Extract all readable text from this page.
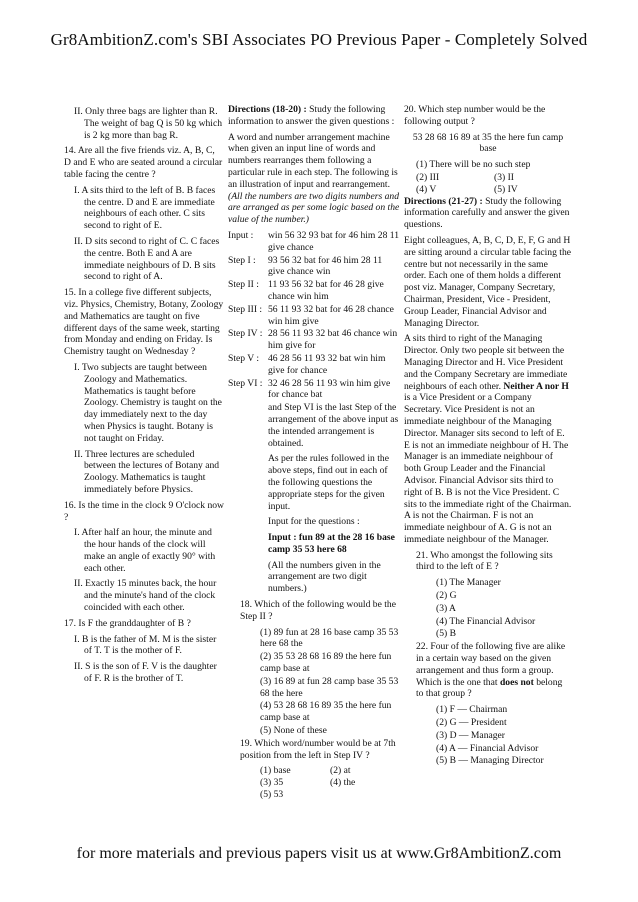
Gr8AmbitionZ.com's SBI Associates PO Previous Paper - Completely Solved
II. Only three bags are lighter than R. The weight of bag Q is 50 kg which is 2 kg more than bag R.
14. Are all the five friends viz. A, B, C, D and E who are seated around a circular table facing the centre ?
I. A sits third to the left of B. B faces the centre. D and E are immediate neighbours of each other. C sits second to right of E.
II. D sits second to right of C. C faces the centre. Both E and A are immediate neighbours of D. B sits second to right of A.
15. In a college five different subjects, viz. Physics, Chemistry, Botany, Zoology and Mathematics are taught on five different days of the same week, starting from Monday and ending on Friday. Is Chemistry taught on Wednesday ?
I. Two subjects are taught between Zoology and Mathematics. Mathematics is taught before Zoology. Chemistry is taught on the day immediately next to the day when Physics is taught. Botany is not taught on Friday.
II. Three lectures are scheduled between the lectures of Botany and Zoology. Mathematics is taught immediately before Physics.
16. Is the time in the clock 9 O'clock now ?
I. After half an hour, the minute and the hour hands of the clock will make an angle of exactly 90° with each other.
II. Exactly 15 minutes back, the hour and the minute's hand of the clock coincided with each other.
17. Is F the granddaughter of B ?
I. B is the father of M. M is the sister of T. T is the mother of F.
II. S is the son of F. V is the daughter of F. R is the brother of T.
Directions (18-20) : Study the following information to answer the given questions :
A word and number arrangement machine when given an input line of words and numbers rearranges them following a particular rule in each step. The following is an illustration of input and rearrangement. (All the numbers are two digits numbers and are arranged as per some logic based on the value of the number.)
Input :	win 56 32 93 bat for 46 him 28 11 give chance
Step I :	93 56 32 bat for 46 him 28 11 give chance win
Step II : 11 93 56 32 bat for 46 28 give chance win him
Step III : 56 11 93 32 bat for 46 28 chance win him give
Step IV : 28 56 11 93 32 bat 46 chance win him give for
Step V : 46 28 56 11 93 32 bat win him give for chance
Step VI : 32 46 28 56 11 93 win him give for chance bat
and Step VI is the last Step of the arrangement of the above input as the intended arrangement is obtained.
As per the rules followed in the above steps, find out in each of the following questions the appropriate steps for the given input.
Input for the questions :
Input : fun 89 at the 28 16 base camp 35 53 here 68
(All the numbers given in the arrangement are two digit numbers.)
18. Which of the following would be the Step II ?
(1) 89 fun at 28 16 base camp 35 53 here 68 the
(2) 35 53 28 68 16 89 the here fun camp base at
(3) 16 89 at fun 28 camp base 35 53 68 the here
(4) 53 28 68 16 89 35 the here fun camp base at
(5) None of these
19. Which word/number would be at 7th position from the left in Step IV ?
(1) base	(2) at
(3) 35	(4) the
(5) 53
20. Which step number would be the following output ?
53 28 68 16 89 at 35 the here fun camp base
(1) There will be no such step
(2) III	(3) II
(4) V	(5) IV
Directions (21-27) : Study the following information carefully and answer the given questions.
Eight colleagues, A, B, C, D, E, F, G and H are sitting around a circular table facing the centre but not necessarily in the same order. Each one of them holds a different post viz. Manager, Company Secretary, Chairman, President, Vice - President, Group Leader, Financial Advisor and Managing Director.
A sits third to right of the Managing Director. Only two people sit between the Managing Director and H. Vice President and the Company Secretary are immediate neighbours of each other. Neither A nor H is a Vice President or a Company Secretary. Vice President is not an immediate neighbour of the Managing Director. Manager sits second to left of E. E is not an immediate neighbour of H. The Manager is an immediate neighbour of both Group Leader and the Financial Advisor. Financial Advisor sits third to right of B. B is not the Vice President. C sits to the immediate right of the Chairman. A is not the Chairman. F is not an immediate neighbour of A. G is not an immediate neighbour of the Manager.
21. Who amongst the following sits third to the left of E ?
(1) The Manager
(2) G
(3) A
(4) The Financial Advisor
(5) B
22. Four of the following five are alike in a certain way based on the given arrangement and thus form a group. Which is the one that does not belong to that group ?
(1) F — Chairman
(2) G — President
(3) D — Manager
(4) A — Financial Advisor
(5) B — Managing Director
for more materials and previous papers visit us at www.Gr8AmbitionZ.com
